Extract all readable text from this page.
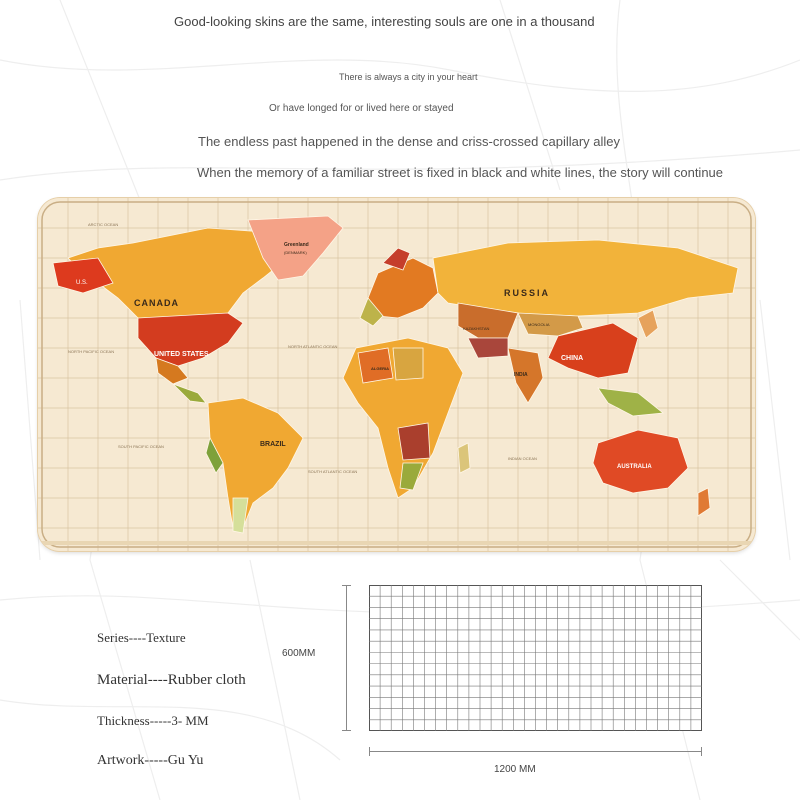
Good-looking skins are the same, interesting souls are one in a thousand
There is always a city in your heart
Or have longed for or lived here or stayed
The endless past happened in the dense and criss-crossed capillary alley
When the memory of a familiar street is fixed in black and white lines, the story will continue
CANADA
UNITED STATES
U.S.
Greenland
(DENMARK)
RUSSIA
CHINA
BRAZIL
AUSTRALIA
INDIA
ALGERIA
KAZAKHSTAN
MONGOLIA
NORTH PACIFIC OCEAN
NORTH ATLANTIC OCEAN
SOUTH PACIFIC OCEAN
SOUTH ATLANTIC OCEAN
INDIAN OCEAN
ARCTIC OCEAN
Series----Texture
Material----Rubber cloth
Thickness-----3- MM
Artwork-----Gu Yu
600MM
1200 MM
